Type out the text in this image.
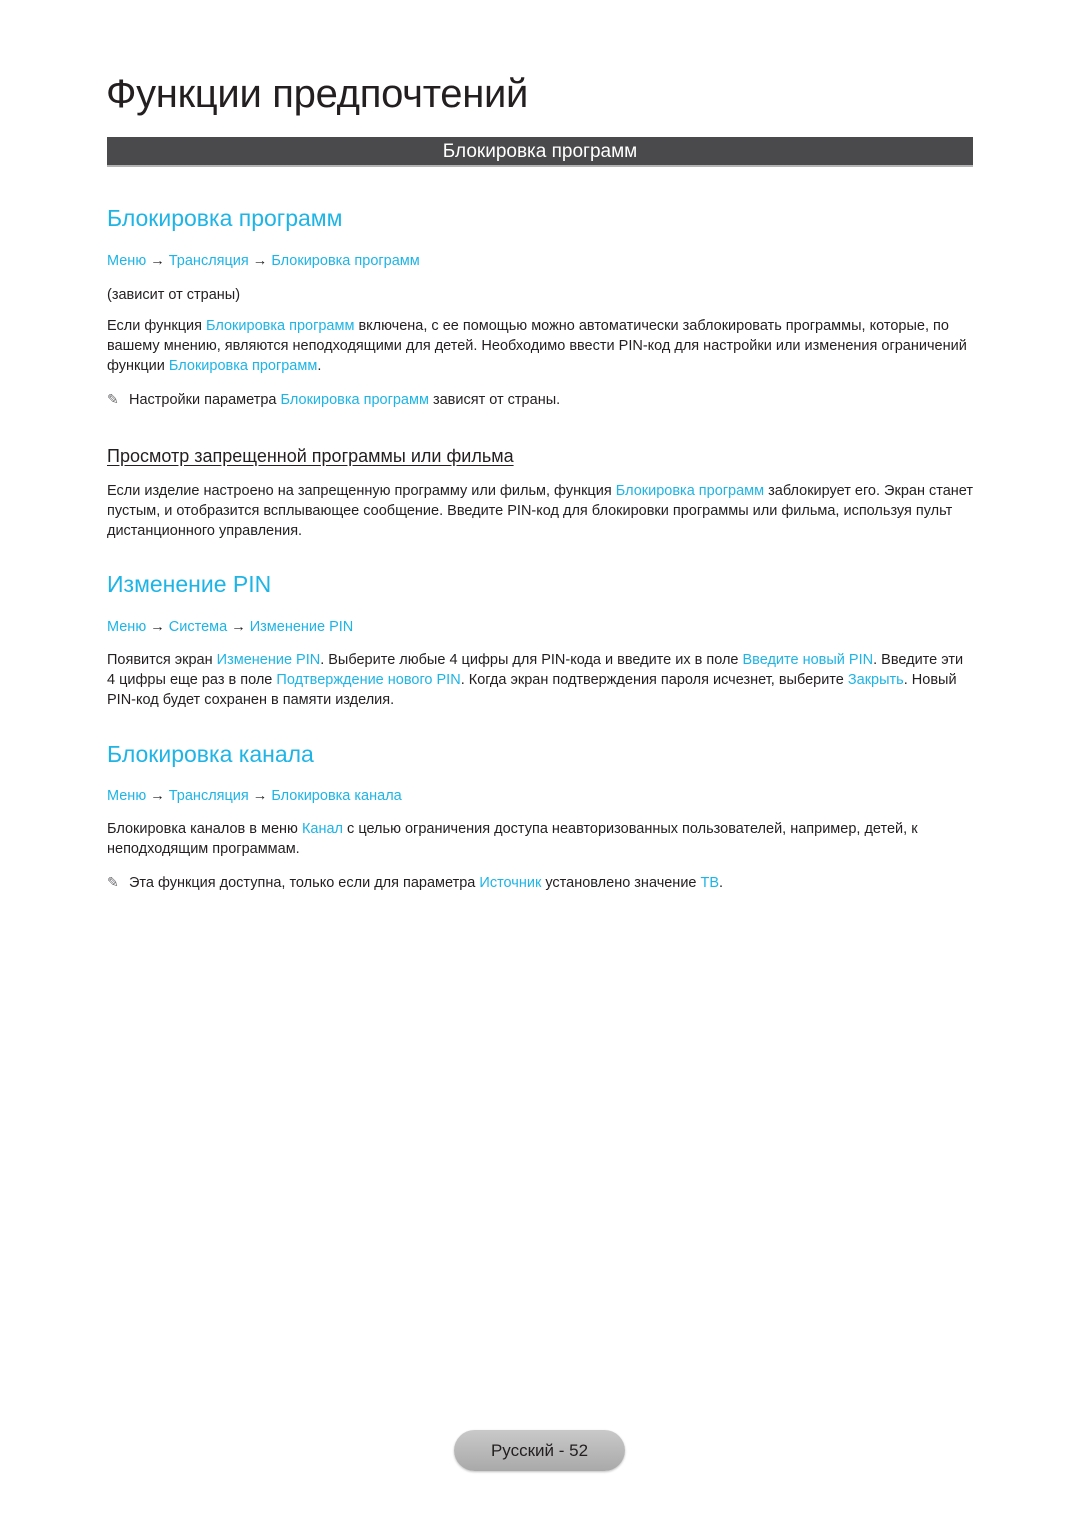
Функции предпочтений
Блокировка программ
Блокировка программ
Меню → Трансляция → Блокировка программ

(зависит от страны)

Если функция Блокировка программ включена, с ее помощью можно автоматически заблокировать программы, которые, по вашему мнению, являются неподходящими для детей. Необходимо ввести PIN-код для настройки или изменения ограничений функции Блокировка программ.

✎ Настройки параметра Блокировка программ зависят от страны.
Просмотр запрещенной программы или фильма

Если изделие настроено на запрещенную программу или фильм, функция Блокировка программ заблокирует его. Экран станет пустым, и отобразится всплывающее сообщение. Введите PIN-код для блокировки программы или фильма, используя пульт дистанционного управления.

Изменение PIN
Меню → Система → Изменение PIN

Появится экран Изменение PIN. Выберите любые 4 цифры для PIN-кода и введите их в поле Введите новый PIN. Введите эти 4 цифры еще раз в поле Подтверждение нового PIN. Когда экран подтверждения пароля исчезнет, выберите Закрыть. Новый PIN-код будет сохранен в памяти изделия.

Блокировка канала
Меню → Трансляция → Блокировка канала

Блокировка каналов в меню Канал с целью ограничения доступа неавторизованных пользователей, например, детей, к неподходящим программам.

✎ Эта функция доступна, только если для параметра Источник установлено значение ТВ.
Русский - 52
